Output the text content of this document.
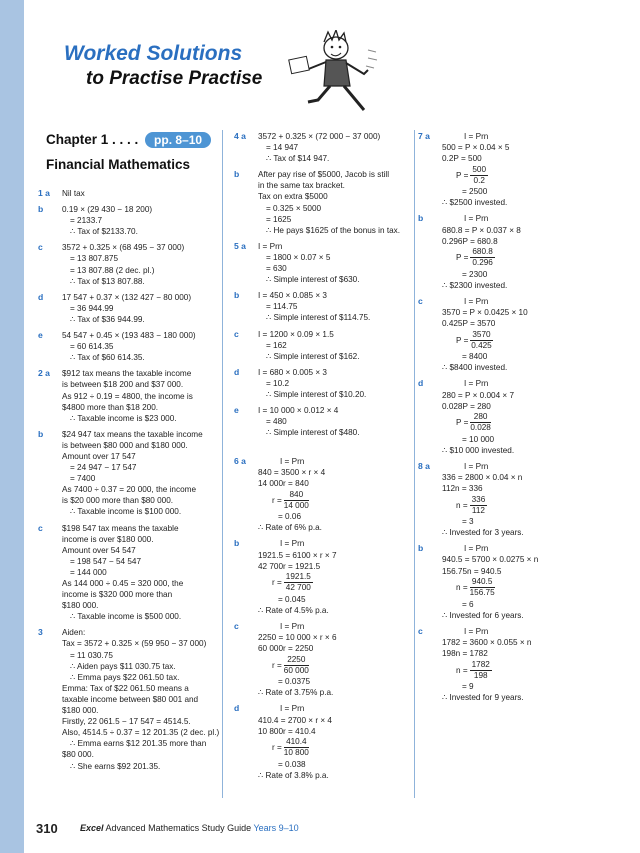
Worked Solutions
to Practise Practise
Chapter 1 . . . . pp. 8–10
Financial Mathematics
1 a Nil tax
b 0.19 × (29 430 − 18 200)
= 2133.7
∴ Tax of $2133.70.
c 3572 + 0.325 × (68 495 − 37 000)
= 13 807.875
= 13 807.88 (2 dec. pl.)
∴ Tax of $13 807.88.
d 17 547 + 0.37 × (132 427 − 80 000)
= 36 944.99
∴ Tax of $36 944.99.
e 54 547 + 0.45 × (193 483 − 180 000)
= 60 614.35
∴ Tax of $60 614.35.
2 a $912 tax means the taxable income
is between $18 200 and $37 000.
As 912 ÷ 0.19 = 4800, the income is
$4800 more than $18 200.
∴ Taxable income is $23 000.
b $24 947 tax means the taxable income
is between $80 000 and $180 000.
Amount over 17 547
= 24 947 − 17 547
= 7400
As 7400 ÷ 0.37 = 20 000, the income
is $20 000 more than $80 000.
∴ Taxable income is $100 000.
c $198 547 tax means the taxable
income is over $180 000.
Amount over 54 547
= 198 547 − 54 547
= 144 000
As 144 000 ÷ 0.45 = 320 000, the
income is $320 000 more than
$180 000.
∴ Taxable income is $500 000.
3 Aiden:
Tax = 3572 + 0.325 × (59 950 − 37 000)
= 11 030.75
∴ Aiden pays $11 030.75 tax.
∴ Emma pays $22 061.50 tax.
Emma: Tax of $22 061.50 means a
taxable income between $80 001 and
$180 000.
Firstly, 22 061.5 − 17 547 = 4514.5.
Also, 4514.5 ÷ 0.37 = 12 201.35 (2 dec. pl.)
∴ Emma earns $12 201.35 more than
$80 000.
∴ She earns $92 201.35.
4 a 3572 + 0.325 × (72 000 − 37 000)
= 14 947
∴ Tax of $14 947.
b After pay rise of $5000, Jacob is still
in the same tax bracket.
Tax on extra $5000
= 0.325 × 5000
= 1625
∴ He pays $1625 of the bonus in tax.
5 a I = Prn
= 1800 × 0.07 × 5
= 630
∴ Simple interest of $630.
b I = 450 × 0.085 × 3
= 114.75
∴ Simple interest of $114.75.
c I = 1200 × 0.09 × 1.5
= 162
∴ Simple interest of $162.
d I = 680 × 0.005 × 3
= 10.2
∴ Simple interest of $10.20.
e I = 10 000 × 0.012 × 4
= 480
∴ Simple interest of $480.
6 a	I = Prn
840 = 3500 × r × 4
14 000r = 840
$r = \frac{840}{14 000}$
= 0.06
∴ Rate of 6% p.a.
b	I = Prn
1921.5 = 6100 × r × 7
42 700r = 1921.5
$r = \frac{1921.5}{42 700}$
= 0.045
∴ Rate of 4.5% p.a.
c	I = Prn
2250 = 10 000 × r × 6
60 000r = 2250
$r = \frac{2250}{60 000}$
= 0.0375
∴ Rate of 3.75% p.a.
d	I = Prn
410.4 = 2700 × r × 4
10 800r = 410.4
$r = \frac{410.4}{10 800}$
= 0.038
∴ Rate of 3.8% p.a.
7 a	I = Prn
500 = P × 0.04 × 5
0.2P = 500
$P = \frac{500}{0.2}$
= 2500
∴ $2500 invested.
b	I = Prn
680.8 = P × 0.037 × 8
0.296P = 680.8
$P = \frac{680.8}{0.296}$
= 2300
∴ $2300 invested.
c	I = Prn
3570 = P × 0.0425 × 10
0.425P = 3570
$P = \frac{3570}{0.425}$
= 8400
∴ $8400 invested.
d	I = Prn
280 = P × 0.004 × 7
0.028P = 280
$P = \frac{280}{0.028}$
= 10 000
∴ $10 000 invested.
8 a	I = Prn
336 = 2800 × 0.04 × n
112n = 336
$n = \frac{336}{112}$
= 3
∴ Invested for 3 years.
b	I = Prn
940.5 = 5700 × 0.0275 × n
156.75n = 940.5
$n = \frac{940.5}{156.75}$
= 6
∴ Invested for 6 years.
c	I = Prn
1782 = 3600 × 0.055 × n
198n = 1782
$n = \frac{1782}{198}$
= 9
∴ Invested for 9 years.
310 Excel Advanced Mathematics Study Guide Years 9–10
